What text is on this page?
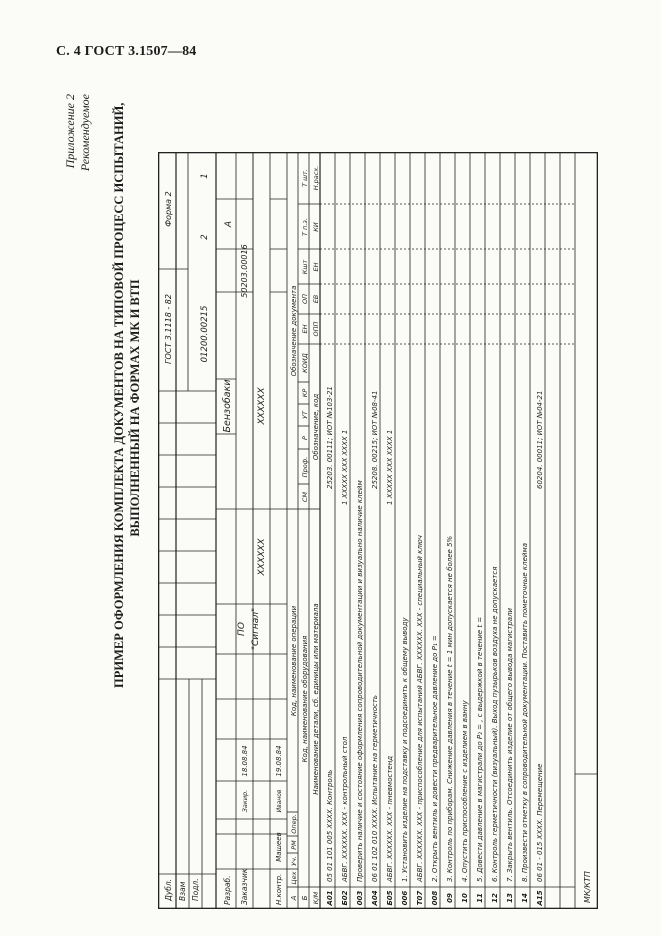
С. 4 ГОСТ 3.1507—84
Приложение 2 Рекомендуемое ПРИМЕР ОФОРМЛЕНИЯ КОМПЛЕКТА ДОКУМЕНТОВ НА ТИПОВОЙ ПРОЦЕСС ИСПЫТАНИЙ, ВЫПОЛНЕННЫЙ НА ФОРМАХ МК И ВТП
Дубл. Взам Подл.
ГОСТ 3.1118 - 82
Форма 2
01200.00215
2
1
Разраб. Заказчик
Закир.
18.08.84
Н.контр.
Машеев
Иванов
19.08.84
ПО "Сигнал"
XXXXXX
XXXXXX
Бензобаки
50203.00016
А
А
Цех
Уч.
РМ
Опер.
Код, наименование операции
Обозначение документа
Б
Код, наименование оборудования
СМ
Проф.
Р
УТ
КР
КОИД
ЕН
ОП
Кшт
Т п.з.
Т шт.
К/М
Наименование детали, сб. единицы или материала
Обозначение, код
ОПП
ЕВ
ЕН
КИ
Н.расх.
А01
05 01 101 005 XXXX. Контроль
25203. 00111; ИОТ №103-21
Б02
АБВГ. XXXXXX. XXX - контрольный стол
1 XXXXX XXX XXXX 1
003
Проверить наличие и состояние оформления сопроводительной документации и визуально наличие клейм
А04
06 01 102 010 XXXX. Испытание на герметичность
25208. 00215; ИОТ №08-41
Б05
АБВГ. XXXXXX. XXX - пневмостенд
1 XXXXX XXX XXXX 1
006
1. Установить изделие на подставку и подсоединить к общему выводу
Т07
АБВГ. XXXXXX. XXX - приспособление для испытаний АБВГ. XXXXXX. XXX - специальный ключ
008
2. Открыть вентиль и довести предварительное давление до P₁ =
09
3. Контроль по приборам. Снижение давления в течение t = 1 мин допускается не более 5%
10
4. Опустить приспособление с изделием в ванну
11
5. Довести давление в магистрали до P₂ = , с выдержкой в течение t =
12
6. Контроль герметичности (визуальный). Выход пузырьков воздуха не допускается
13
7. Закрыть вентиль. Отсоединить изделие от общего вывода магистрали
14
8. Произвести отметку в сопроводительной документации. Поставить пометочные клейма
А15
06 01 - 015 XXXX. Перемещение
60204. 00011; ИОТ №04-21
МК/КТП
